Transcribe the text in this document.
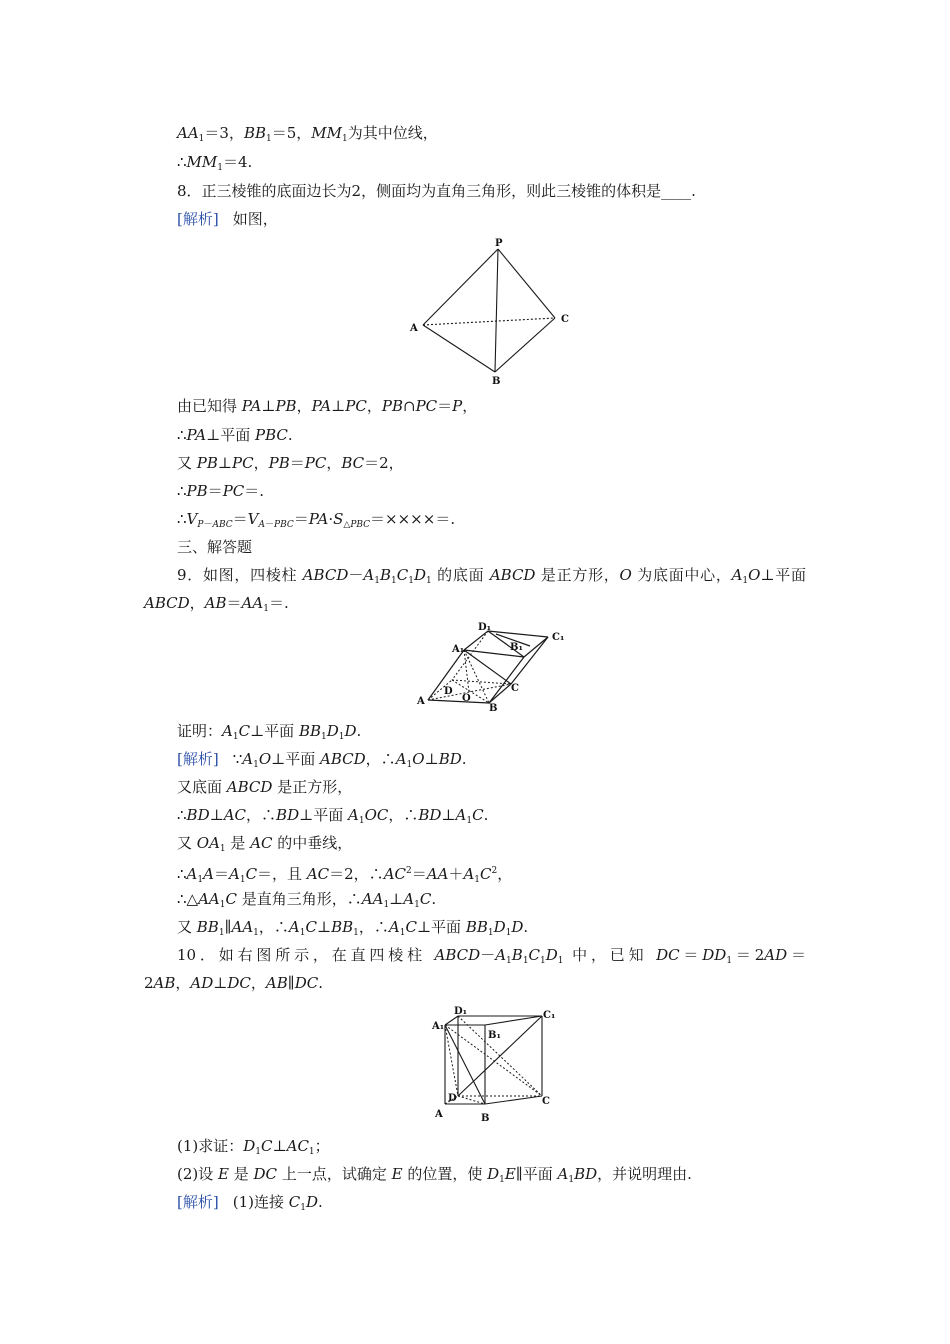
$AA_1=3$，$BB_1=5$，$MM_1$为其中位线，
$\therefore MM_1=4$.
8．正三棱锥的底面边长为2，侧面均为直角三角形，则此三棱锥的体积是____.
[解析] 如图，
P
A
B
C
由已知得 PA⊥PB，PA⊥PC，PB∩PC＝P，
∴PA⊥平面 PBC.
又 PB⊥PC，PB＝PC，BC＝2，
∴PB＝PC＝.
$\therefore V_{P-ABC}=V_{A-PBC}=PA\cdot S_{\triangle PBC}=\times\times\times\times=$.
三、解答题
9．如图，四棱柱 $ABCD-A_1B_1C_1D_1$ 的底面 ABCD 是正方形，O 为底面中心，$A_1O\perp$平面
ABCD，$AB=AA_1=$.
D₁
C₁
A₁	B₁
D	C
A	O
B
证明：$A_1C\perp$平面 $BB_1D_1D$.
[解析] $\because A_1O\perp$平面 ABCD，$\therefore A_1O\perp BD$.
又底面 ABCD 是正方形，
∴BD⊥AC，∴BD⊥平面 $A_1OC$，$\therefore BD\perp A_1C$.
又 $OA_1$ 是 AC 的中垂线，
$\therefore A_1A=A_1C=$，且 AC＝2，$\therefore AC^2=AA+A_1C^2$，
$\therefore\triangle AA_1C$ 是直角三角形，$\therefore AA_1\perp A_1C$.
又 $BB_1\parallel AA_1$，$\therefore A_1C\perp BB_1$，$\therefore A_1C\perp$平面 $BB_1D_1D$.
10．如右图所示，在直四棱柱 $ABCD-A_1B_1C_1D_1$ 中，已知 $DC=DD_1=2AD=$
2AB，AD⊥DC，AB∥DC.
D₁	C₁
A₁
B₁
D	C
A	B
(1)求证：$D_1C\perp AC_1$；
(2)设 E 是 DC 上一点，试确定 E 的位置，使 $D_1E\parallel$平面 $A_1BD$，并说明理由.
[解析] (1)连接 $C_1D$.
